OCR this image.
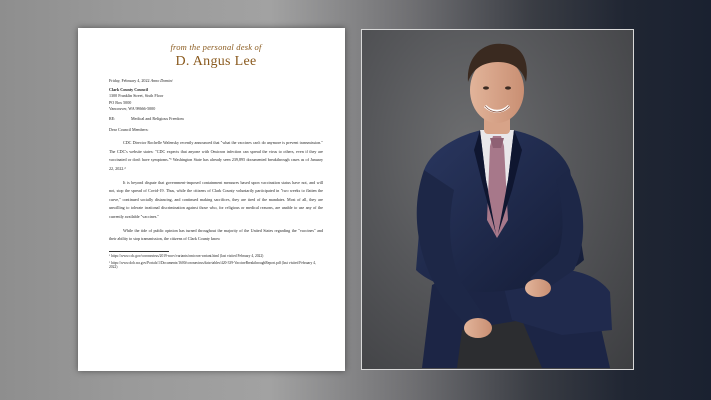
from the personal desk of
D. Angus Lee
Friday, February 4, 2022 Anno Domini
Clark County Council
1300 Franklin Street, Sixth Floor
PO Box 5000
Vancouver, WA 98666-5000
RE:	Medical and Religious Freedom
Dear Council Members:

CDC Director Rochelle Walensky recently announced that "what the vaccines can't do anymore is prevent transmission." The CDC's website states: "CDC expects that anyone with Omicron infection can spread the virus to others, even if they are vaccinated or don't have symptoms."¹ Washington State has already seen 239,895 documented breakthrough cases as of January 22, 2022.²

It is beyond dispute that government-imposed containment measures based upon vaccination status have not, and will not, stop the spread of Covid-19. Thus, while the citizens of Clark County voluntarily participated in "two weeks to flatten the curve," continued socially distancing, and continued making sacrifices, they are tired of the mandates. Most of all, they are unwilling to tolerate irrational discrimination against those who, for religious or medical reasons, are unable to use any of the currently available "vaccines."

While the tide of public opinion has turned throughout the majority of the United States regarding the "vaccines" and their ability to stop transmission, the citizens of Clark County know

¹ https://www.cdc.gov/coronavirus/2019-ncov/variants/omicron-variant.html (last visited February 4, 2022)
² https://www.doh.wa.gov/Portals/1/Documents/1600/coronavirus/data-tables/420-339-VaccineBreakthroughReport.pdf (last visited February 4, 2022)
